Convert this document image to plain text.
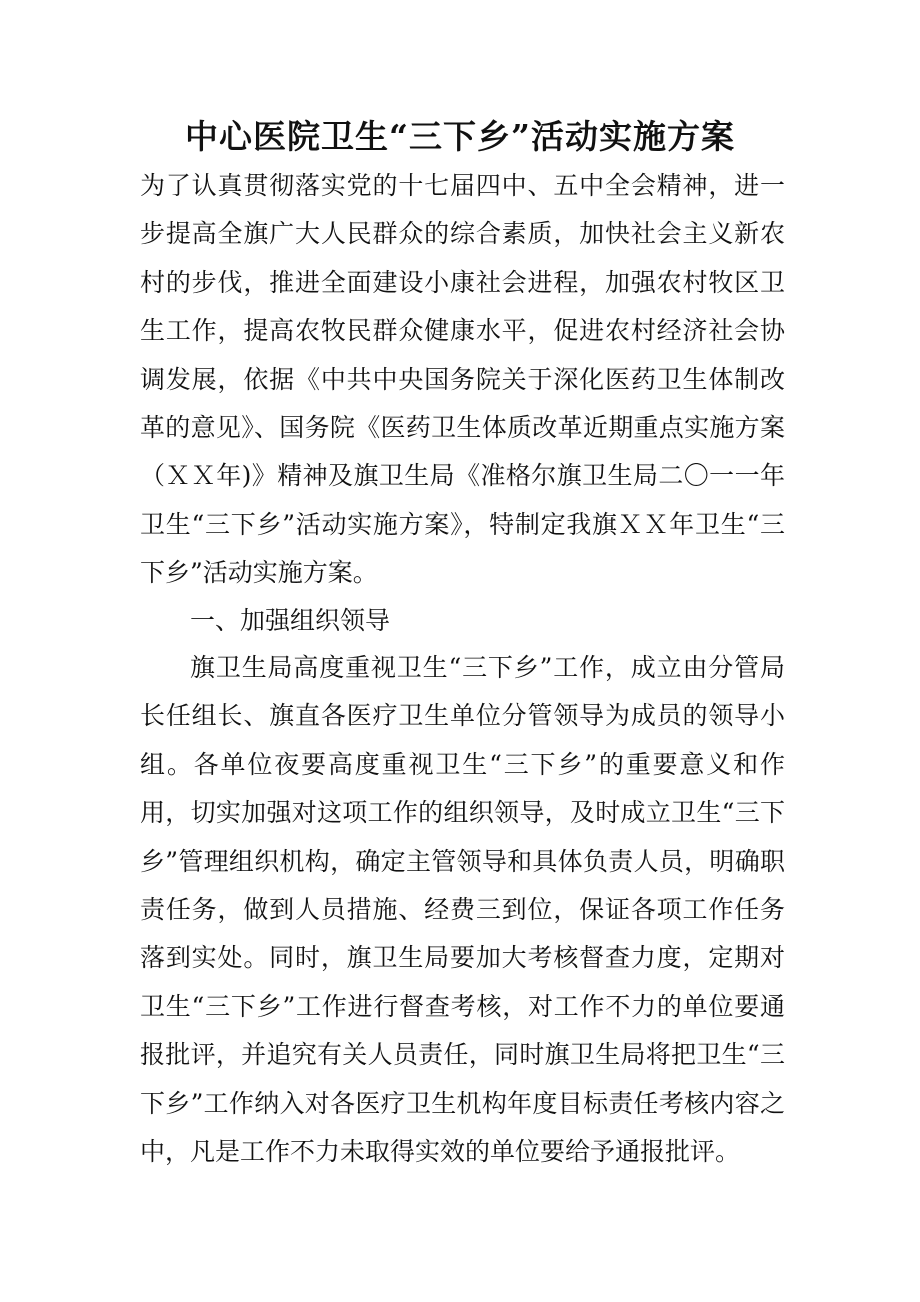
中心医院卫生“三下乡”活动实施方案

为了认真贯彻落实党的十七届四中、五中全会精神，进一步提高全旗广大人民群众的综合素质，加快社会主义新农村的步伐，推进全面建设小康社会进程，加强农村牧区卫生工作，提高农牧民群众健康水平，促进农村经济社会协调发展，依据《中共中央国务院关于深化医药卫生体制改革的意见》、国务院《医药卫生体质改革近期重点实施方案（ＸＸ年)》精神及旗卫生局《准格尔旗卫生局二〇一一年卫生“三下乡”活动实施方案》，特制定我旗ＸＸ年卫生“三下乡”活动实施方案。

一、加强组织领导

旗卫生局高度重视卫生“三下乡”工作，成立由分管局长任组长、旗直各医疗卫生单位分管领导为成员的领导小组。各单位夜要高度重视卫生“三下乡”的重要意义和作用，切实加强对这项工作的组织领导，及时成立卫生“三下乡”管理组织机构，确定主管领导和具体负责人员，明确职责任务，做到人员措施、经费三到位，保证各项工作任务落到实处。同时，旗卫生局要加大考核督查力度，定期对卫生“三下乡”工作进行督查考核，对工作不力的单位要通报批评，并追究有关人员责任，同时旗卫生局将把卫生“三下乡”工作纳入对各医疗卫生机构年度目标责任考核内容之中，凡是工作不力未取得实效的单位要给予通报批评。
